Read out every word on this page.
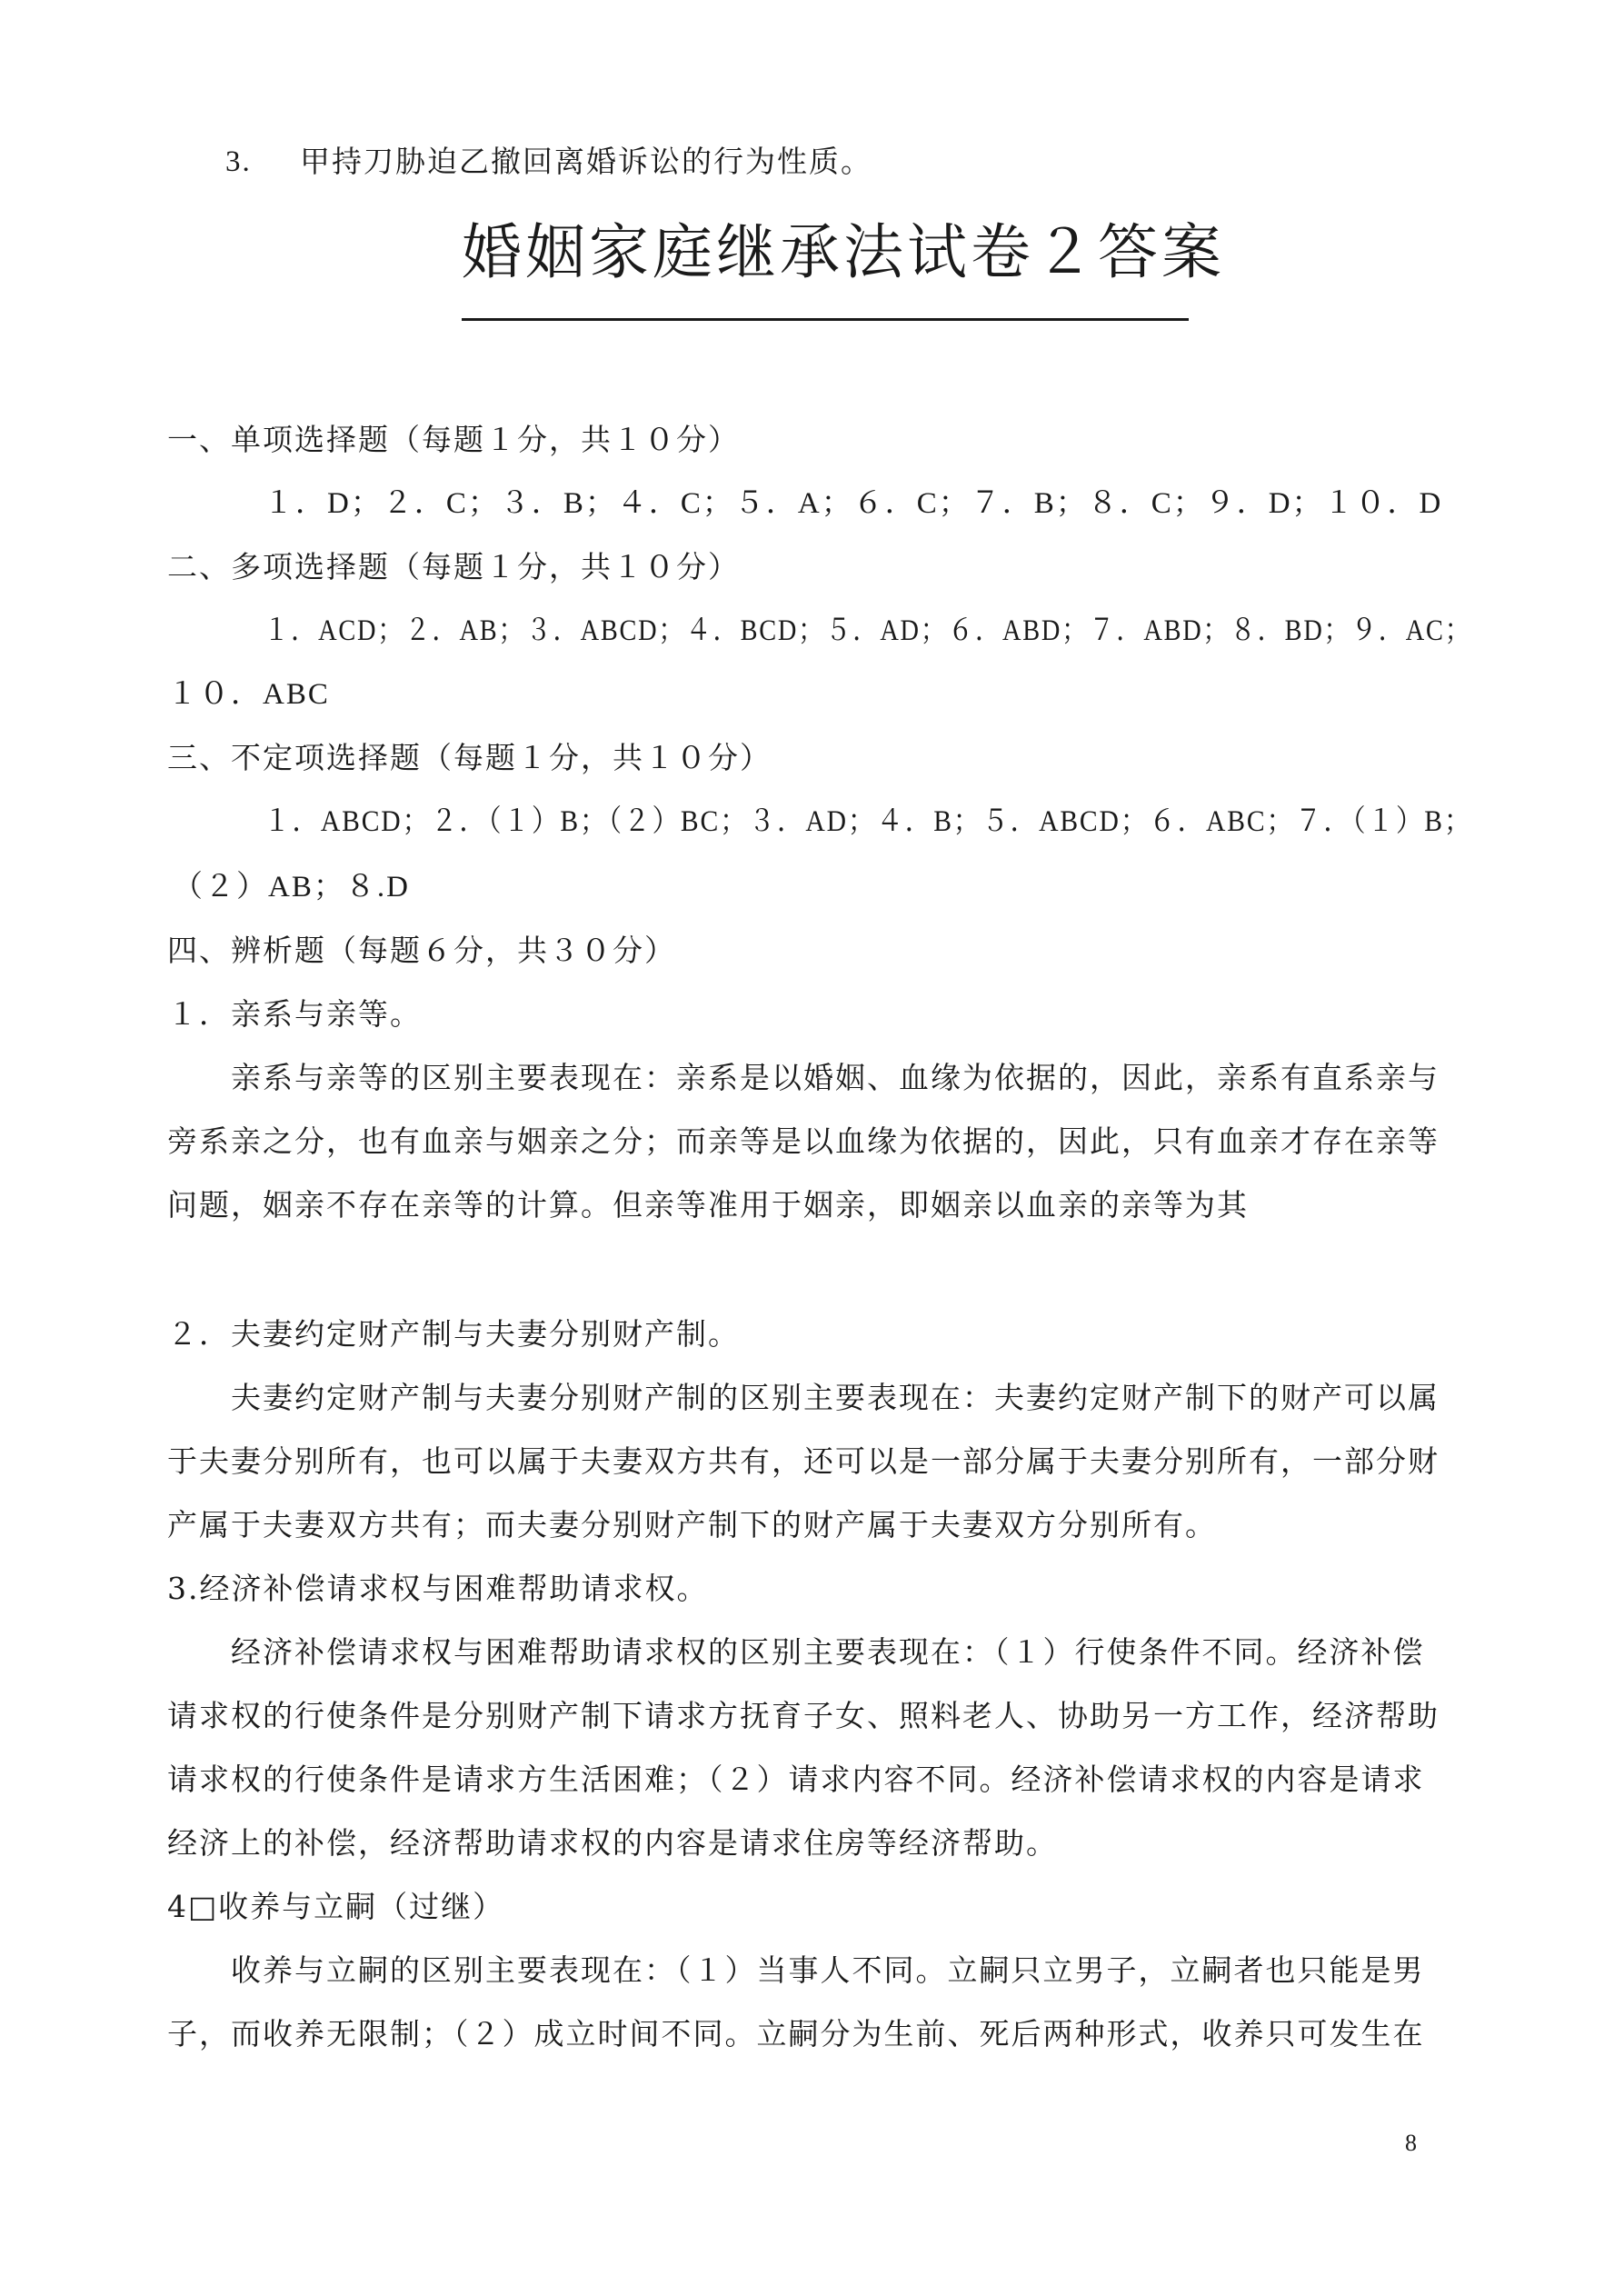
3. 甲持刀胁迫乙撤回离婚诉讼的行为性质。
婚姻家庭继承法试卷２答案
一、单项选择题（每题１分，共１０分）
１．D；２．C；３．B；４．C；５．A；６．C；７．B；８．C；９．D；１０．D
二、多项选择题（每题１分，共１０分）
１．ACD；２．AB；３．ABCD；４．BCD；５．AD；６．ABD；７．ABD；８．BD；９．AC；
１０．ABC
三、不定项选择题（每题１分，共１０分）
１．ABCD；２．（１）B；（２）BC；３．AD；４．B；５．ABCD；６．ABC；７．（１）B；
（２）AB；８.D
四、辨析题（每题６分，共３０分）
１．亲系与亲等。
亲系与亲等的区别主要表现在：亲系是以婚姻、血缘为依据的，因此，亲系有直系亲与
旁系亲之分，也有血亲与姻亲之分；而亲等是以血缘为依据的，因此，只有血亲才存在亲等
问题，姻亲不存在亲等的计算。但亲等准用于姻亲，即姻亲以血亲的亲等为其
２．夫妻约定财产制与夫妻分别财产制。
夫妻约定财产制与夫妻分别财产制的区别主要表现在：夫妻约定财产制下的财产可以属
于夫妻分别所有，也可以属于夫妻双方共有，还可以是一部分属于夫妻分别所有，一部分财
产属于夫妻双方共有；而夫妻分别财产制下的财产属于夫妻双方分别所有。
3.经济补偿请求权与困难帮助请求权。
经济补偿请求权与困难帮助请求权的区别主要表现在：（１）行使条件不同。经济补偿
请求权的行使条件是分别财产制下请求方抚育子女、照料老人、协助另一方工作，经济帮助
请求权的行使条件是请求方生活困难；（２）请求内容不同。经济补偿请求权的内容是请求
经济上的补偿，经济帮助请求权的内容是请求住房等经济帮助。
4□收养与立嗣（过继）
收养与立嗣的区别主要表现在：（１）当事人不同。立嗣只立男子，立嗣者也只能是男
子，而收养无限制；（２）成立时间不同。立嗣分为生前、死后两种形式，收养只可发生在
8
